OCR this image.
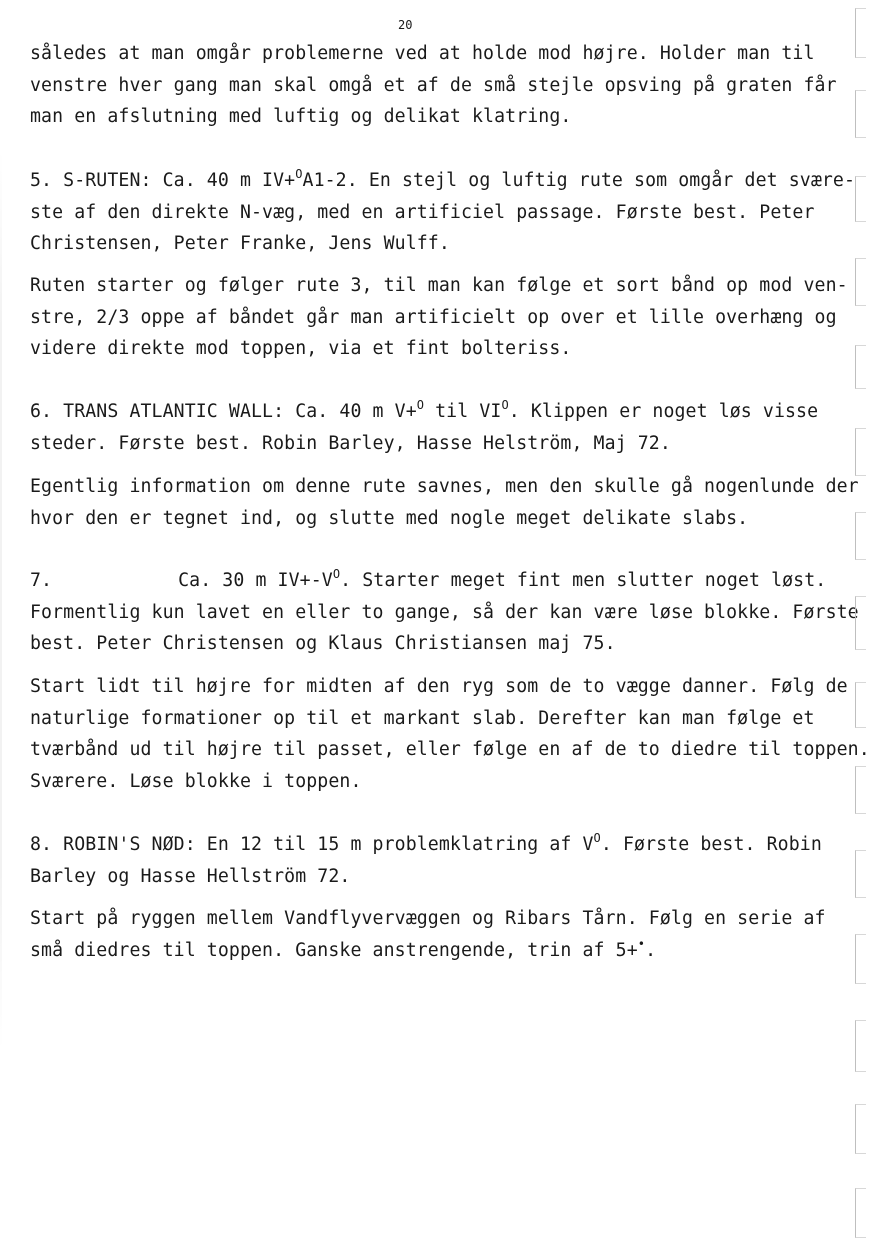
20
således at man omgår problemerne ved at holde mod højre. Holder man til
venstre hver gang man skal omgå et af de små stejle opsving på graten får
man en afslutning med luftig og delikat klatring.
5. S-RUTEN: Ca. 40 m IV+$^O$A1-2. En stejl og luftig rute som omgår det svære-
ste af den direkte N-væg, med en artificiel passage. Første best. Peter
Christensen, Peter Franke, Jens Wulff.
Ruten starter og følger rute 3, til man kan følge et sort bånd op mod ven-
stre, 2/3 oppe af båndet går man artificielt op over et lille overhæng og
videre direkte mod toppen, via et fint bolteriss.
6. TRANS ATLANTIC WALL: Ca. 40 m V+$^O$ til $VI^O$. Klippen er noget løs visse
steder. Første best. Robin Barley, Hasse Helström, Maj 72.
Egentlig information om denne rute savnes, men den skulle gå nogenlunde der
hvor den er tegnet ind, og slutte med nogle meget delikate slabs.
7.	Ca. 30 m $IV+-V^O$. Starter meget fint men slutter noget løst.
Formentlig kun lavet en eller to gange, så der kan være løse blokke. Første
best. Peter Christensen og Klaus Christiansen maj 75.
Start lidt til højre for midten af den ryg som de to vægge danner. Følg de
naturlige formationer op til et markant slab. Derefter kan man følge et
tværbånd ud til højre til passet, eller følge en af de to diedre til toppen.
Sværere. Løse blokke i toppen.
8. ROBIN'S NØD: En 12 til 15 m problemklatring af $V^O$. Første best. Robin
Barley og Hasse Hellström 72.
Start på ryggen mellem Vandflyvervæggen og Ribars Tårn. Følg en serie af
små diedres til toppen. Ganske anstrengende, trin af 5+•.
